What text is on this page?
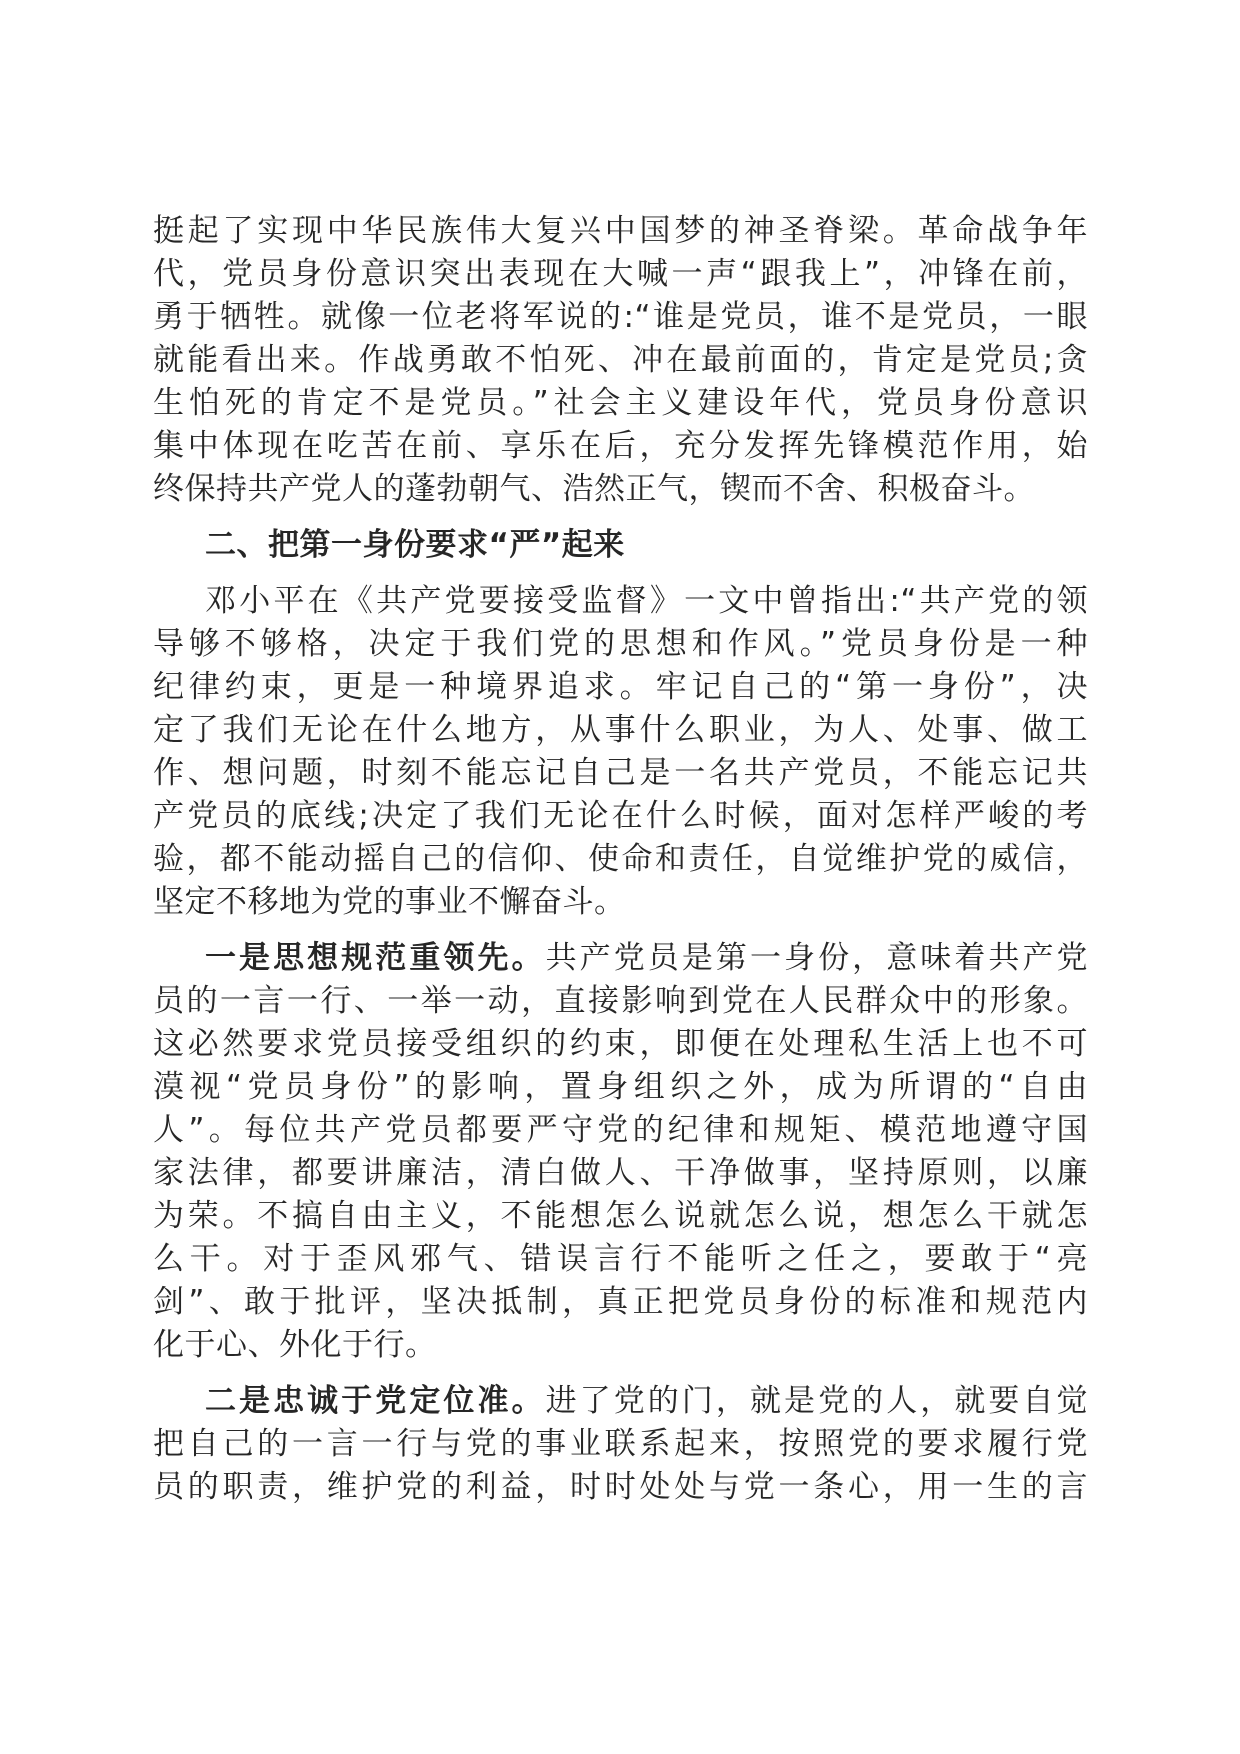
挺起了实现中华民族伟大复兴中国梦的神圣脊梁。革命战争年
代，党员身份意识突出表现在大喊一声“跟我上”，冲锋在前，
勇于牺牲。就像一位老将军说的:“谁是党员，谁不是党员，一眼
就能看出来。作战勇敢不怕死、冲在最前面的，肯定是党员;贪
生怕死的肯定不是党员。”社会主义建设年代，党员身份意识
集中体现在吃苦在前、享乐在后，充分发挥先锋模范作用，始
终保持共产党人的蓬勃朝气、浩然正气，锲而不舍、积极奋斗。
二、把第一身份要求“严”起来
邓小平在《共产党要接受监督》一文中曾指出:“共产党的领
导够不够格，决定于我们党的思想和作风。”党员身份是一种
纪律约束，更是一种境界追求。牢记自己的“第一身份”，决
定了我们无论在什么地方，从事什么职业，为人、处事、做工
作、想问题，时刻不能忘记自己是一名共产党员，不能忘记共
产党员的底线;决定了我们无论在什么时候，面对怎样严峻的考
验，都不能动摇自己的信仰、使命和责任，自觉维护党的威信，
坚定不移地为党的事业不懈奋斗。
一是思想规范重领先。共产党员是第一身份，意味着共产党
员的一言一行、一举一动，直接影响到党在人民群众中的形象。
这必然要求党员接受组织的约束，即便在处理私生活上也不可
漠视“党员身份”的影响，置身组织之外，成为所谓的“自由
人”。每位共产党员都要严守党的纪律和规矩、模范地遵守国
家法律，都要讲廉洁，清白做人、干净做事，坚持原则，以廉
为荣。不搞自由主义，不能想怎么说就怎么说，想怎么干就怎
么干。对于歪风邪气、错误言行不能听之任之，要敢于“亮
剑”、敢于批评，坚决抵制，真正把党员身份的标准和规范内
化于心、外化于行。
二是忠诚于党定位准。进了党的门，就是党的人，就要自觉
把自己的一言一行与党的事业联系起来，按照党的要求履行党
员的职责，维护党的利益，时时处处与党一条心，用一生的言
